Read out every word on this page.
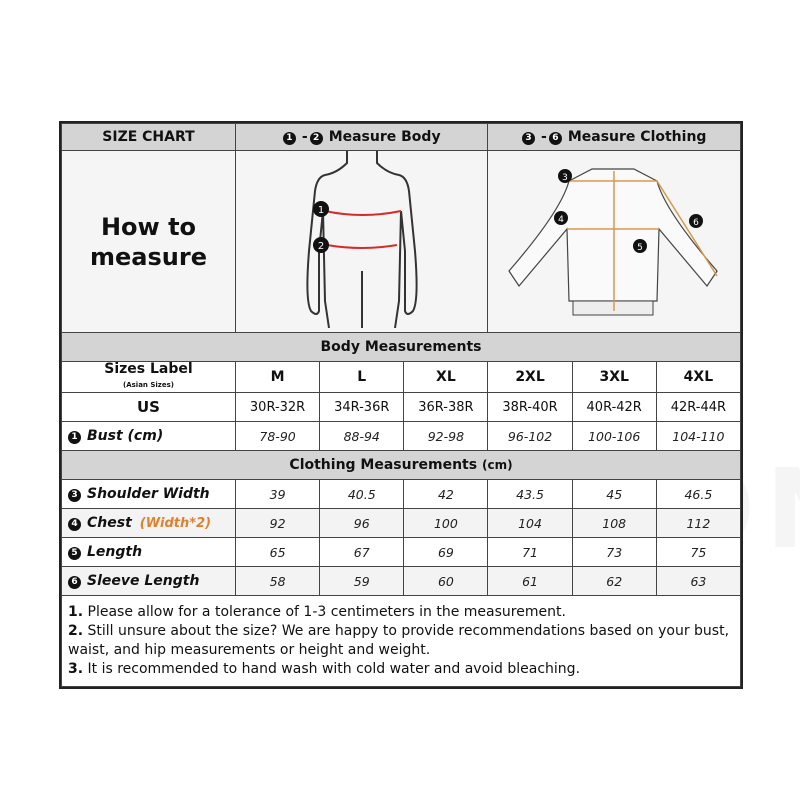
SIZE CHART	1 - 2 Measure Body			3 - 6 Measure Clothing		
How to
measure	1
2			3
4
5
6		

Body Measurements						
Sizes Label
(Asian Sizes)	M	L	XL	2XL	3XL	4XL
US	30R-32R	34R-36R	36R-38R	38R-40R	40R-42R	42R-44R
1 Bust (cm)	78-90	88-94	92-98	96-102	100-106	104-110
Clothing Measurements (cm)						
3 Shoulder Width	39	40.5	42	43.5	45	46.5
4 Chest (Width*2)	92	96	100	104	108	112
5 Length	65	67	69	71	73	75
6 Sleeve Length	58	59	60	61	62	63

1. Please allow for a tolerance of 1-3 centimeters in the measurement.
2. Still unsure about the size? We are happy to provide recommendations based on your bust, waist, and hip measurements or height and weight.
3. It is recommended to hand wash with cold water and avoid bleaching.						
